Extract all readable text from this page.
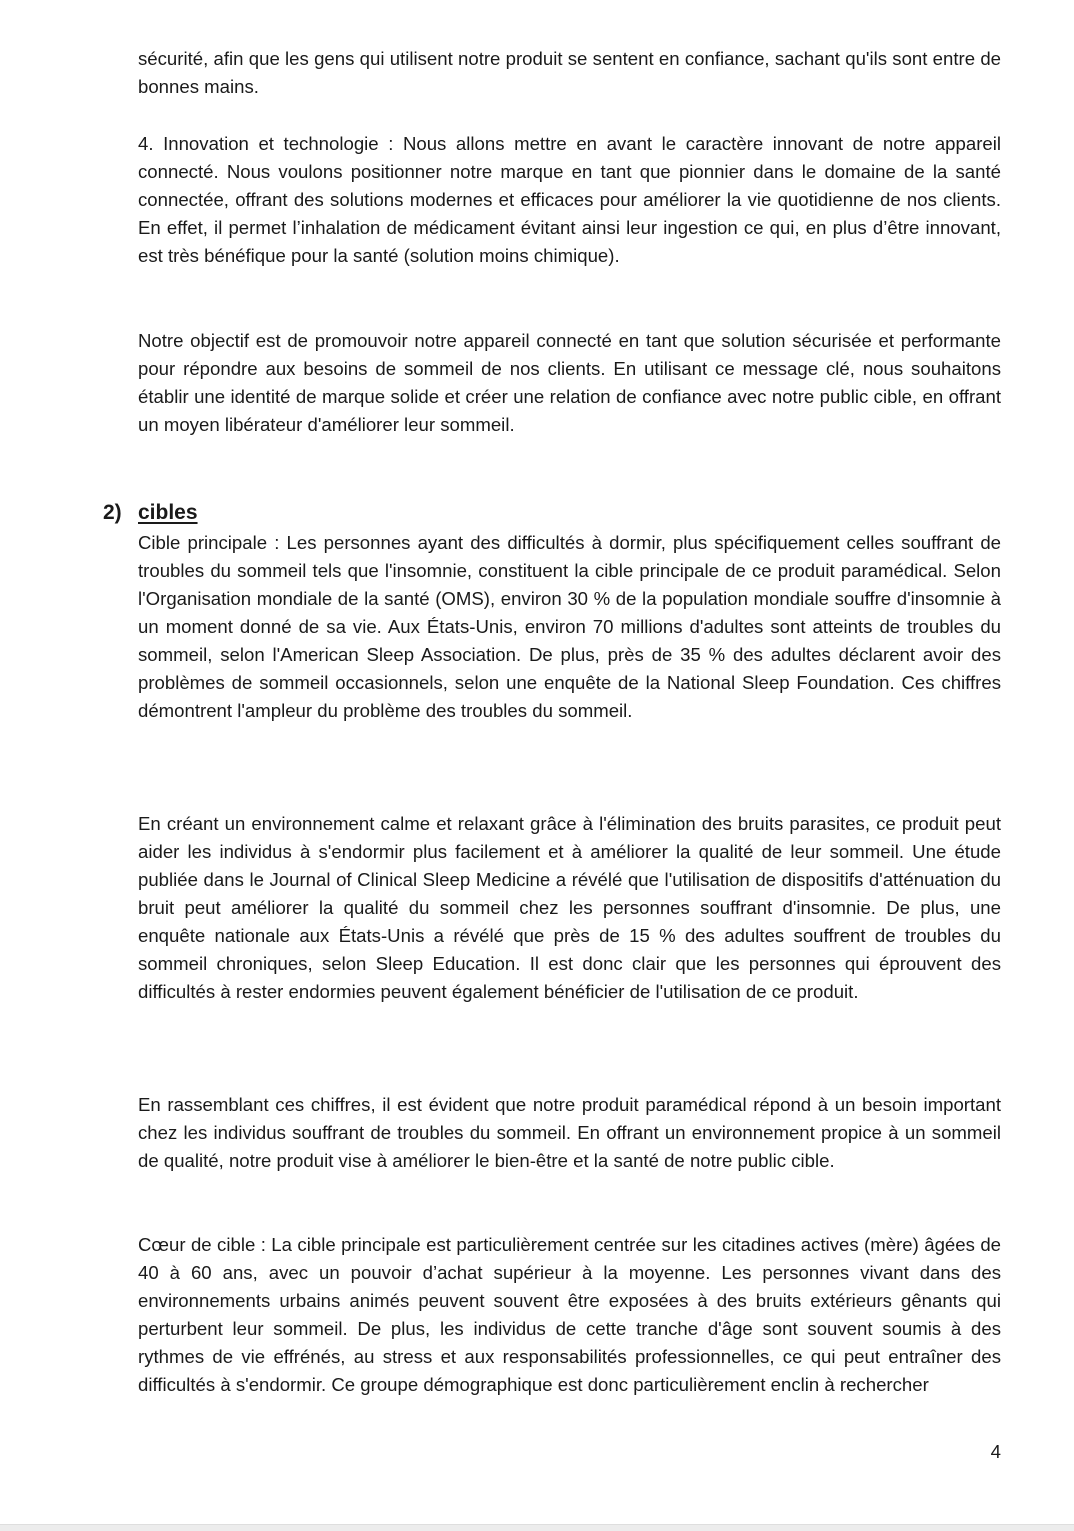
sécurité, afin que les gens qui utilisent notre produit se sentent en confiance, sachant qu'ils sont entre de bonnes mains.

4. Innovation et technologie : Nous allons mettre en avant le caractère innovant de notre appareil connecté. Nous voulons positionner notre marque en tant que pionnier dans le domaine de la santé connectée, offrant des solutions modernes et efficaces pour améliorer la vie quotidienne de nos clients. En effet, il permet l’inhalation de médicament évitant ainsi leur ingestion ce qui, en plus d’être innovant, est très bénéfique pour la santé (solution moins chimique).

Notre objectif est de promouvoir notre appareil connecté en tant que solution sécurisée et performante pour répondre aux besoins de sommeil de nos clients. En utilisant ce message clé, nous souhaitons établir une identité de marque solide et créer une relation de confiance avec notre public cible, en offrant un moyen libérateur d'améliorer leur sommeil.

2) cibles

Cible principale : Les personnes ayant des difficultés à dormir, plus spécifiquement celles souffrant de troubles du sommeil tels que l'insomnie, constituent la cible principale de ce produit paramédical. Selon l'Organisation mondiale de la santé (OMS), environ 30 % de la population mondiale souffre d'insomnie à un moment donné de sa vie. Aux États-Unis, environ 70 millions d'adultes sont atteints de troubles du sommeil, selon l'American Sleep Association. De plus, près de 35 % des adultes déclarent avoir des problèmes de sommeil occasionnels, selon une enquête de la National Sleep Foundation. Ces chiffres démontrent l'ampleur du problème des troubles du sommeil.

En créant un environnement calme et relaxant grâce à l'élimination des bruits parasites, ce produit peut aider les individus à s'endormir plus facilement et à améliorer la qualité de leur sommeil. Une étude publiée dans le Journal of Clinical Sleep Medicine a révélé que l'utilisation de dispositifs d'atténuation du bruit peut améliorer la qualité du sommeil chez les personnes souffrant d'insomnie. De plus, une enquête nationale aux États-Unis a révélé que près de 15 % des adultes souffrent de troubles du sommeil chroniques, selon Sleep Education. Il est donc clair que les personnes qui éprouvent des difficultés à rester endormies peuvent également bénéficier de l'utilisation de ce produit.

En rassemblant ces chiffres, il est évident que notre produit paramédical répond à un besoin important chez les individus souffrant de troubles du sommeil. En offrant un environnement propice à un sommeil de qualité, notre produit vise à améliorer le bien-être et la santé de notre public cible.

Cœur de cible : La cible principale est particulièrement centrée sur les citadines actives (mère) âgées de 40 à 60 ans, avec un pouvoir d’achat supérieur à la moyenne. Les personnes vivant dans des environnements urbains animés peuvent souvent être exposées à des bruits extérieurs gênants qui perturbent leur sommeil. De plus, les individus de cette tranche d'âge sont souvent soumis à des rythmes de vie effrénés, au stress et aux responsabilités professionnelles, ce qui peut entraîner des difficultés à s'endormir. Ce groupe démographique est donc particulièrement enclin à rechercher

4
